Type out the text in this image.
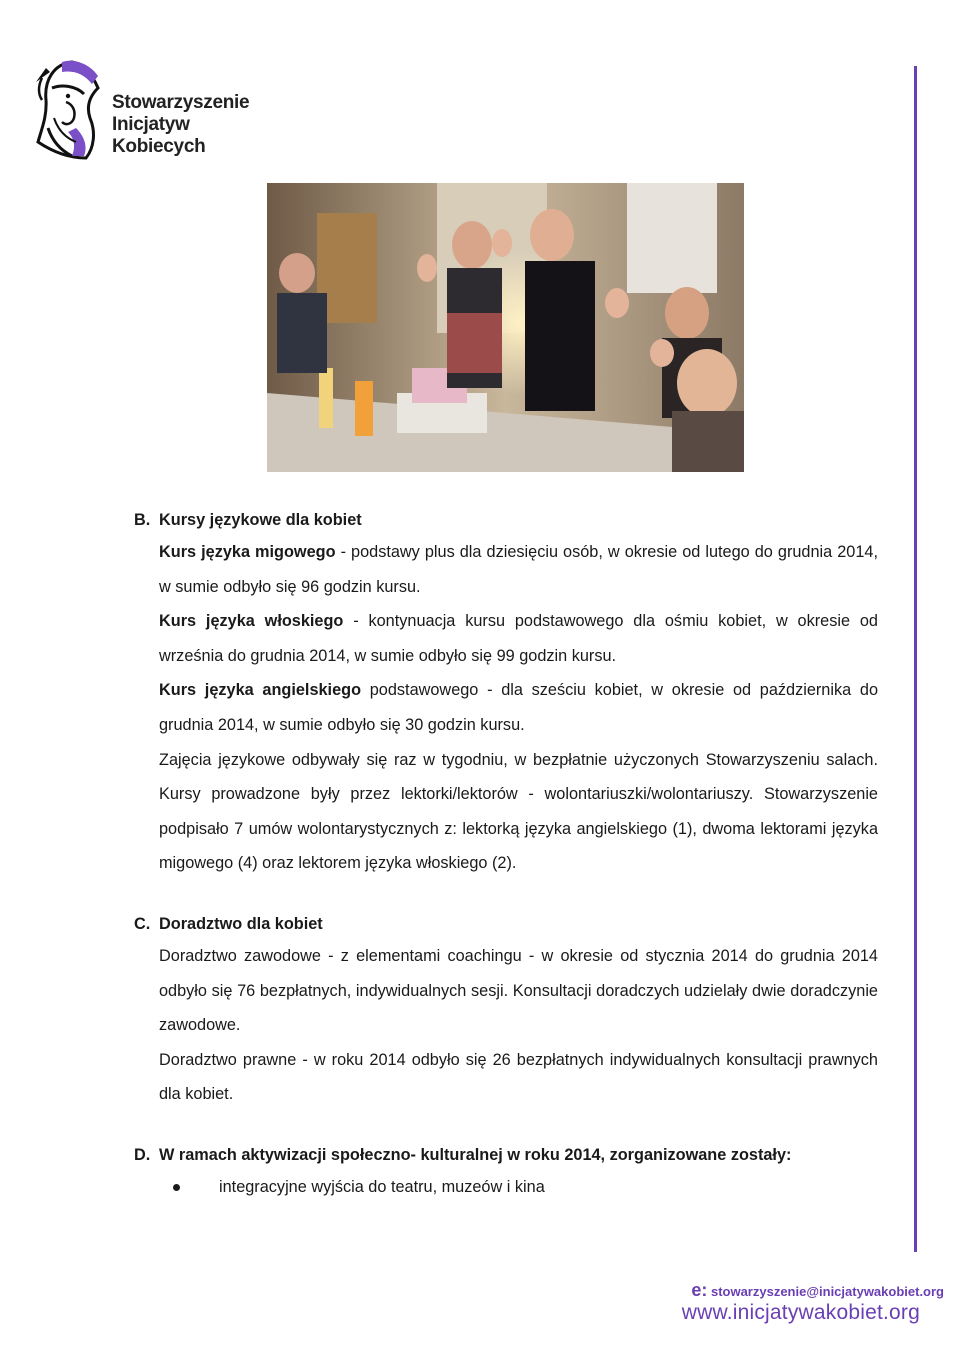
Stowarzyszenie
Inicjatyw
Kobiecych
B. Kursy językowe dla kobiet
Kurs języka migowego - podstawy plus dla dziesięciu osób, w okresie od lutego do grudnia 2014, w sumie odbyło się 96 godzin kursu.
Kurs języka włoskiego - kontynuacja kursu podstawowego dla ośmiu kobiet, w okresie od września do grudnia 2014, w sumie odbyło się 99 godzin kursu.
Kurs języka angielskiego podstawowego - dla sześciu kobiet, w okresie od października do grudnia 2014, w sumie odbyło się 30 godzin kursu.
Zajęcia językowe odbywały się raz w tygodniu, w bezpłatnie użyczonych Stowarzyszeniu salach. Kursy prowadzone były przez lektorki/lektorów - wolontariuszki/wolontariuszy. Stowarzyszenie podpisało 7 umów wolontarystycznych z: lektorką języka angielskiego (1), dwoma lektorami języka migowego (4) oraz lektorem języka włoskiego (2).
C. Doradztwo dla kobiet
Doradztwo zawodowe - z elementami coachingu - w okresie od stycznia 2014 do grudnia 2014 odbyło się 76 bezpłatnych, indywidualnych sesji. Konsultacji doradczych udzielały dwie doradczynie zawodowe.
Doradztwo prawne - w roku 2014 odbyło się 26 bezpłatnych indywidualnych konsultacji prawnych dla kobiet.
D. W ramach aktywizacji społeczno- kulturalnej w roku 2014, zorganizowane zostały:
integracyjne wyjścia do teatru, muzeów i kina
e: stowarzyszenie@inicjatywakobiet.org
www.inicjatywakobiet.org
